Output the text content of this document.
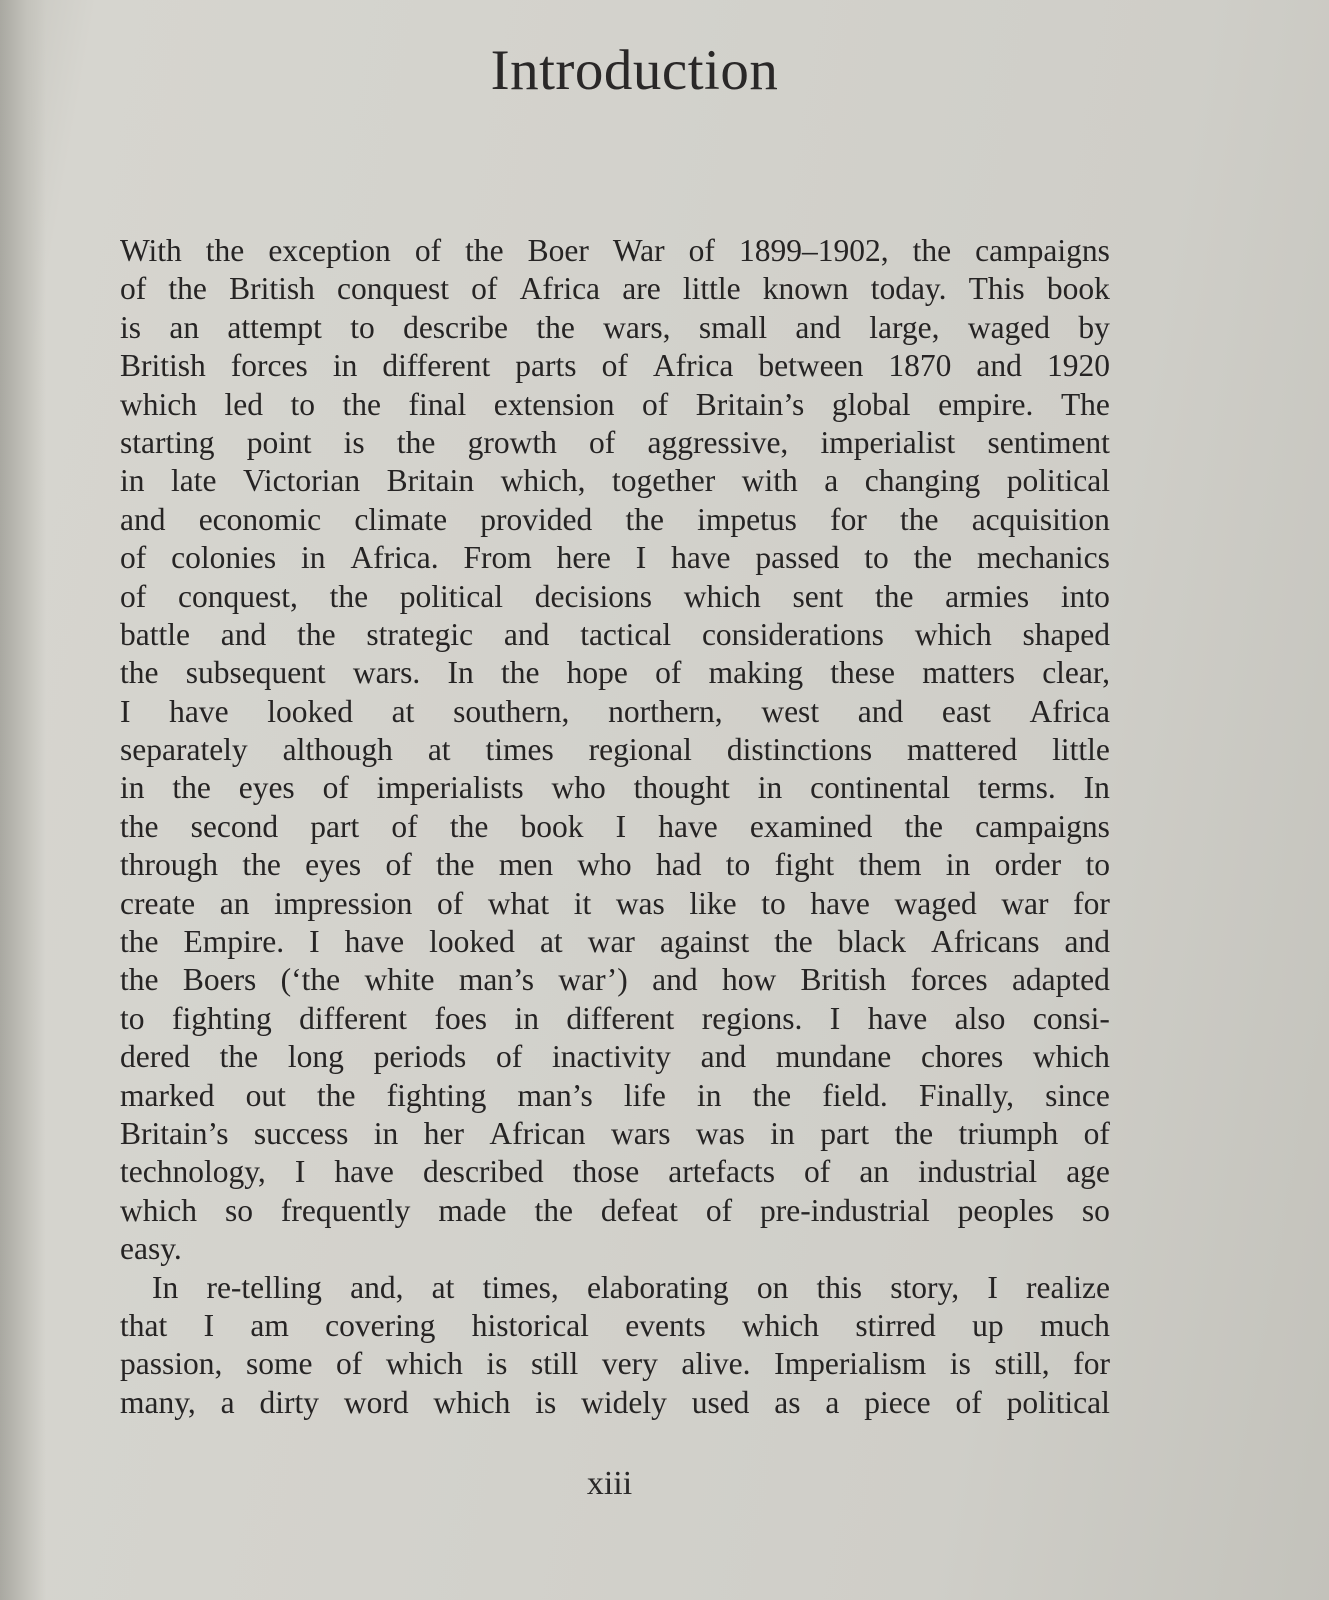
Introduction
With the exception of the Boer War of 1899–1902, the campaigns
of the British conquest of Africa are little known today. This book
is an attempt to describe the wars, small and large, waged by
British forces in different parts of Africa between 1870 and 1920
which led to the final extension of Britain’s global empire. The
starting point is the growth of aggressive, imperialist sentiment
in late Victorian Britain which, together with a changing political
and economic climate provided the impetus for the acquisition
of colonies in Africa. From here I have passed to the mechanics
of conquest, the political decisions which sent the armies into
battle and the strategic and tactical considerations which shaped
the subsequent wars. In the hope of making these matters clear,
I have looked at southern, northern, west and east Africa
separately although at times regional distinctions mattered little
in the eyes of imperialists who thought in continental terms. In
the second part of the book I have examined the campaigns
through the eyes of the men who had to fight them in order to
create an impression of what it was like to have waged war for
the Empire. I have looked at war against the black Africans and
the Boers (‘the white man’s war’) and how British forces adapted
to fighting different foes in different regions. I have also consi-
dered the long periods of inactivity and mundane chores which
marked out the fighting man’s life in the field. Finally, since
Britain’s success in her African wars was in part the triumph of
technology, I have described those artefacts of an industrial age
which so frequently made the defeat of pre-industrial peoples so
easy.
In re-telling and, at times, elaborating on this story, I realize
that I am covering historical events which stirred up much
passion, some of which is still very alive. Imperialism is still, for
many, a dirty word which is widely used as a piece of political
xiii
